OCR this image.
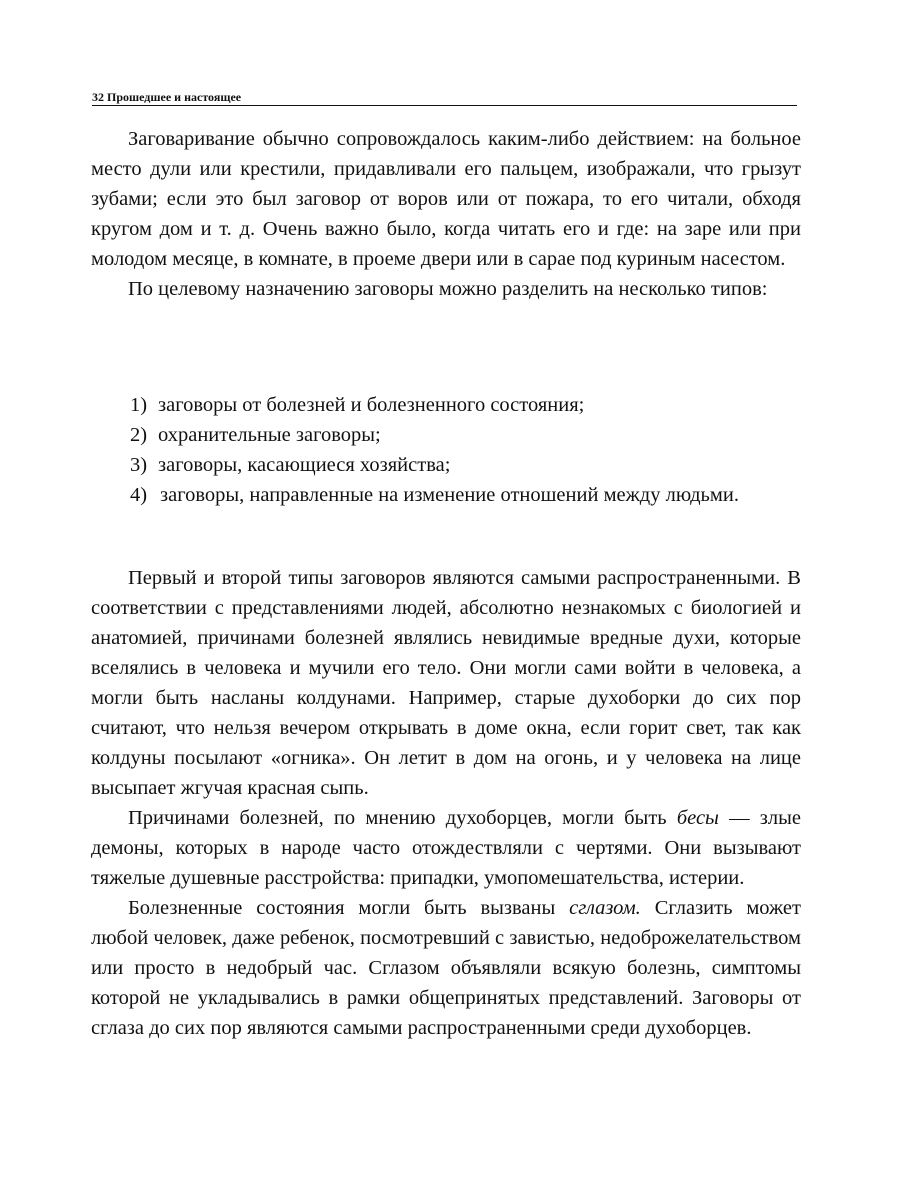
32 Прошедшее и настоящее

Заговаривание обычно сопровождалось каким-либо действием: на больное место дули или крестили, придавливали его пальцем, изображали, что грызут зубами; если это был заговор от воров или от пожара, то его читали, обходя кругом дом и т. д. Очень важно было, когда читать его и где: на заре или при молодом месяце, в комнате, в проеме двери или в сарае под куриным насестом.

По целевому назначению заговоры можно разделить на несколько типов:

1) заговоры от болезней и болезненного состояния;
2) охранительные заговоры;
3) заговоры, касающиеся хозяйства;
4) заговоры, направленные на изменение отношений между людьми.

Первый и второй типы заговоров являются самыми распространенными. В соответствии с представлениями людей, абсолютно незнакомых с биологией и анатомией, причинами болезней являлись невидимые вредные духи, которые вселялись в человека и мучили его тело. Они могли сами войти в человека, а могли быть насланы колдунами. Например, старые духоборки до сих пор считают, что нельзя вечером открывать в доме окна, если горит свет, так как колдуны посылают «огника». Он летит в дом на огонь, и у человека на лице высыпает жгучая красная сыпь.

Причинами болезней, по мнению духоборцев, могли быть бесы — злые демоны, которых в народе часто отождествляли с чертями. Они вызывают тяжелые душевные расстройства: припадки, умопомешательства, истерии.

Болезненные состояния могли быть вызваны сглазом. Сглазить может любой человек, даже ребенок, посмотревший с завистью, недоброжелательством или просто в недобрый час. Сглазом объявляли всякую болезнь, симптомы которой не укладывались в рамки общепринятых представлений. Заговоры от сглаза до сих пор являются самыми распространенными среди духоборцев.
